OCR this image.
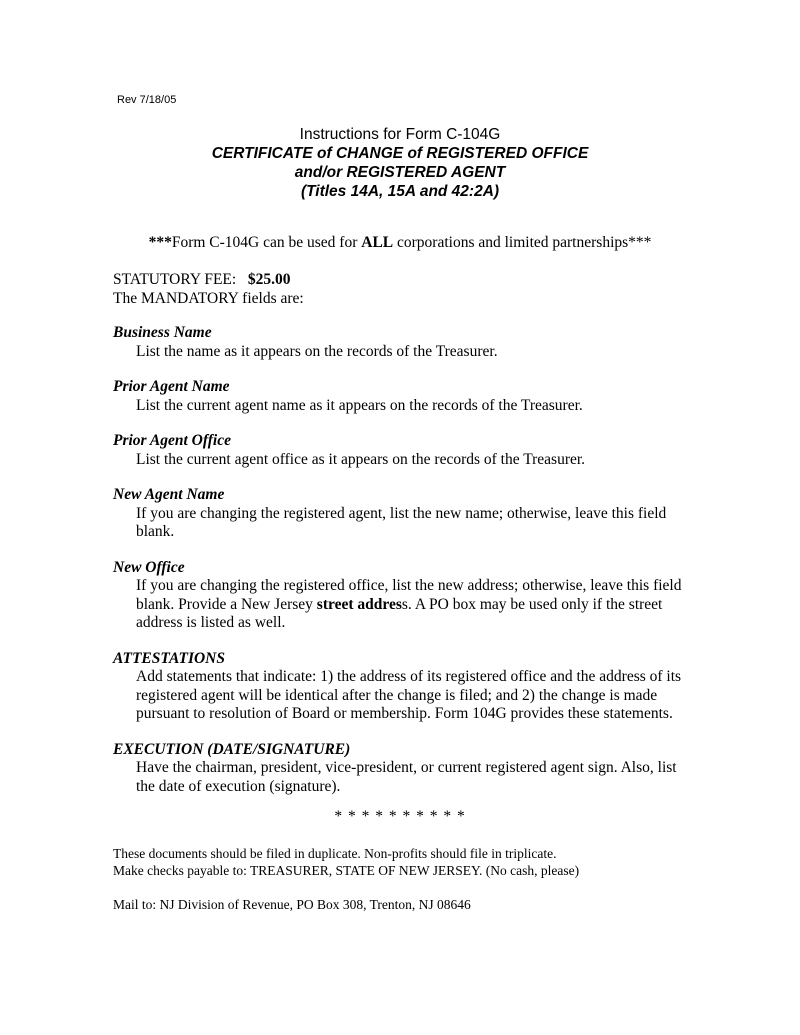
Rev 7/18/05
Instructions for Form C-104G
CERTIFICATE of CHANGE of REGISTERED OFFICE
and/or REGISTERED AGENT
(Titles 14A, 15A and 42:2A)
***Form C-104G can be used for ALL corporations and limited partnerships***
STATUTORY FEE: $25.00
The MANDATORY fields are:
Business Name

List the name as it appears on the records of the Treasurer.

Prior Agent Name

List the current agent name as it appears on the records of the Treasurer.

Prior Agent Office

List the current agent office as it appears on the records of the Treasurer.

New Agent Name

If you are changing the registered agent, list the new name; otherwise, leave this field blank.

New Office

If you are changing the registered office, list the new address; otherwise, leave this field blank. Provide a New Jersey street address. A PO box may be used only if the street address is listed as well.

ATTESTATIONS

Add statements that indicate: 1) the address of its registered office and the address of its registered agent will be identical after the change is filed; and 2) the change is made pursuant to resolution of Board or membership. Form 104G provides these statements.

EXECUTION (DATE/SIGNATURE)

Have the chairman, president, vice-president, or current registered agent sign. Also, list the date of execution (signature).

* * * * * * * * * *
These documents should be filed in duplicate. Non-profits should file in triplicate.
Make checks payable to: TREASURER, STATE OF NEW JERSEY. (No cash, please)
Mail to: NJ Division of Revenue, PO Box 308, Trenton, NJ 08646
